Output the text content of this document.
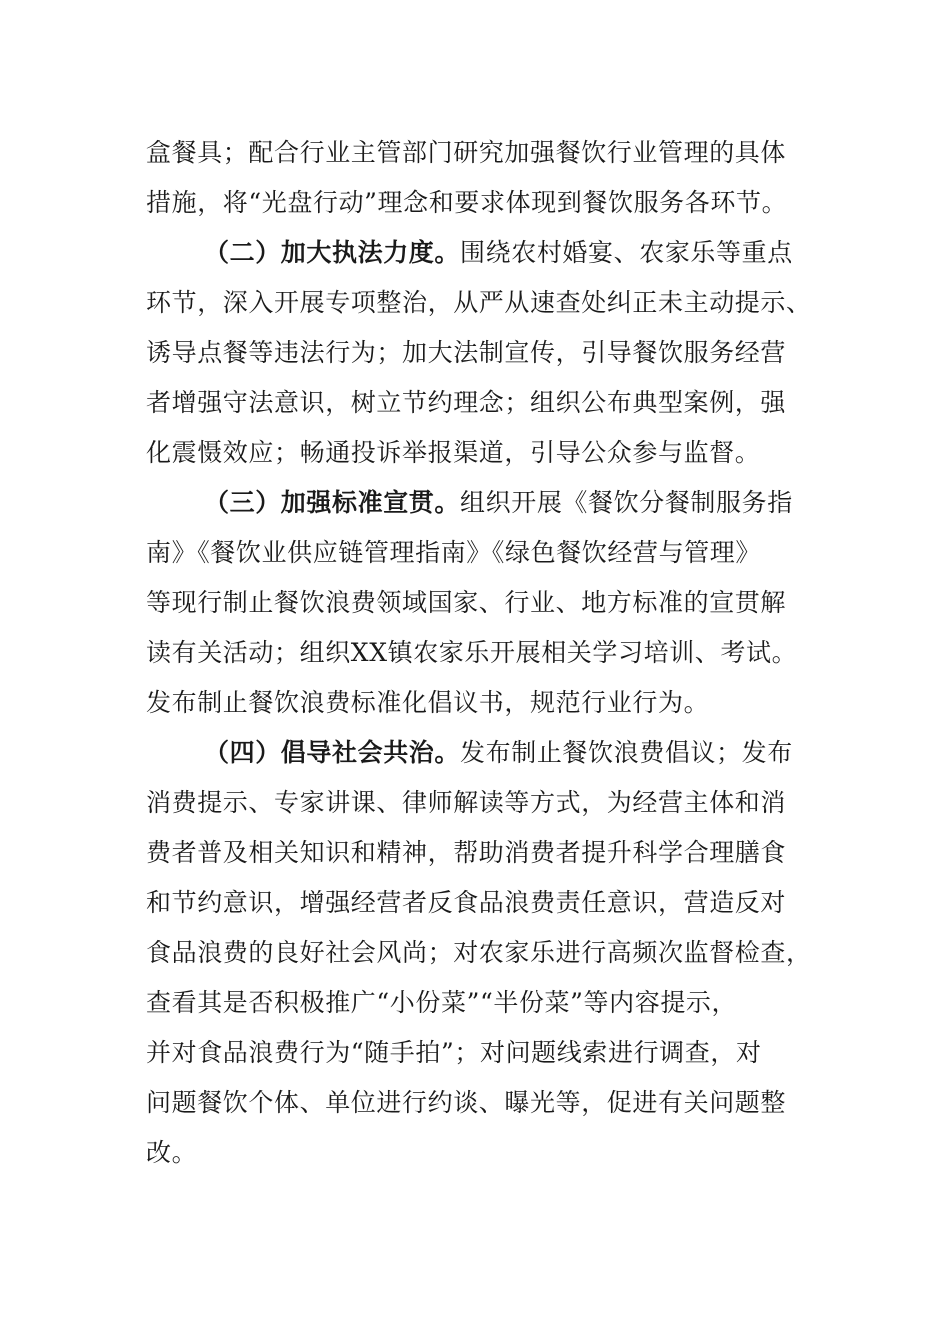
盒餐具；配合行业主管部门研究加强餐饮行业管理的具体
措施，将“光盘行动”理念和要求体现到餐饮服务各环节。
（二）加大执法力度。围绕农村婚宴、农家乐等重点
环节，深入开展专项整治，从严从速查处纠正未主动提示、
诱导点餐等违法行为；加大法制宣传，引导餐饮服务经营
者增强守法意识，树立节约理念；组织公布典型案例，强
化震慑效应；畅通投诉举报渠道，引导公众参与监督。
（三）加强标准宣贯。组织开展《餐饮分餐制服务指
南》《餐饮业供应链管理指南》《绿色餐饮经营与管理》
等现行制止餐饮浪费领域国家、行业、地方标准的宣贯解
读有关活动；组织XX镇农家乐开展相关学习培训、考试。
发布制止餐饮浪费标准化倡议书，规范行业行为。
（四）倡导社会共治。发布制止餐饮浪费倡议；发布
消费提示、专家讲课、律师解读等方式，为经营主体和消
费者普及相关知识和精神，帮助消费者提升科学合理膳食
和节约意识，增强经营者反食品浪费责任意识，营造反对
食品浪费的良好社会风尚；对农家乐进行高频次监督检查，
查看其是否积极推广“小份菜”“半份菜”等内容提示，
并对食品浪费行为“随手拍”；对问题线索进行调查，对
问题餐饮个体、单位进行约谈、曝光等，促进有关问题整
改。
